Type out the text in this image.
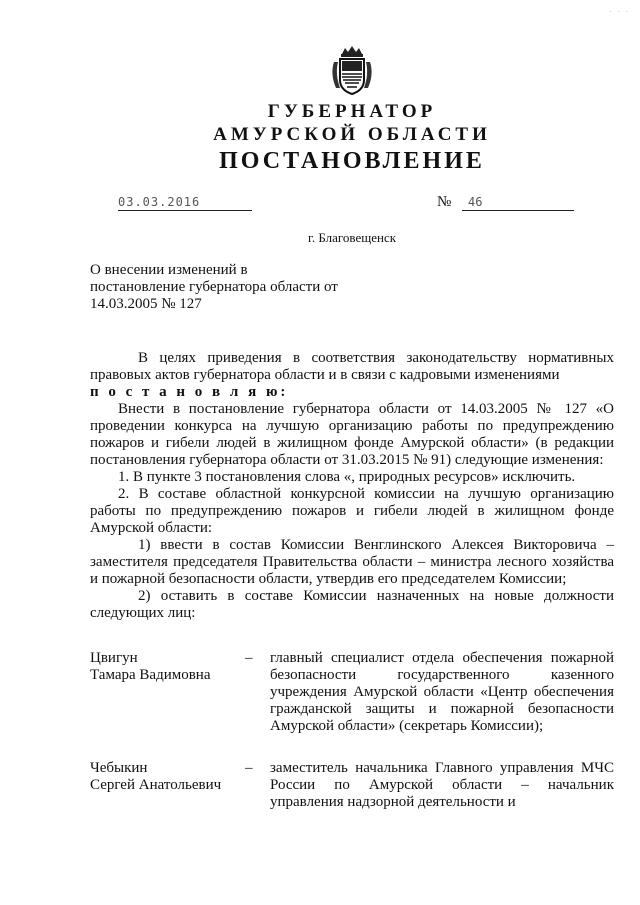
· · ·
ГУБЕРНАТОР
АМУРСКОЙ ОБЛАСТИ
ПОСТАНОВЛЕНИЕ
03.03.2016	№	46
г. Благовещенск
О внесении изменений в постановление губернатора области от 14.03.2005 № 127

В целях приведения в соответствия законодательству нормативных правовых актов губернатора области и в связи с кадровыми изменениями

п о с т а н о в л я ю:

Внести в постановление губернатора области от 14.03.2005 № 127 «О проведении конкурса на лучшую организацию работы по предупреждению пожаров и гибели людей в жилищном фонде Амурской области» (в редакции постановления губернатора области от 31.03.2015 № 91) следующие изменения:

1. В пункте 3 постановления слова «, природных ресурсов» исключить.

2. В составе областной конкурсной комиссии на лучшую организацию работы по предупреждению пожаров и гибели людей в жилищном фонде Амурской области:

1) ввести в состав Комиссии Венглинского Алексея Викторовича – заместителя председателя Правительства области – министра лесного хозяйства и пожарной безопасности области, утвердив его председателем Комиссии;

2) оставить в составе Комиссии назначенных на новые должности следующих лиц:

Цвигун
Тамара Вадимовна
–	главный специалист отдела обеспечения пожарной безопасности государственного казенного учреждения Амурской области «Центр обеспечения гражданской защиты и пожарной безопасности Амурской области» (секретарь Комиссии);
Чебыкин
Сергей Анатольевич
–	заместитель начальника Главного управления МЧС России по Амурской области – начальник управления надзорной деятельности и
